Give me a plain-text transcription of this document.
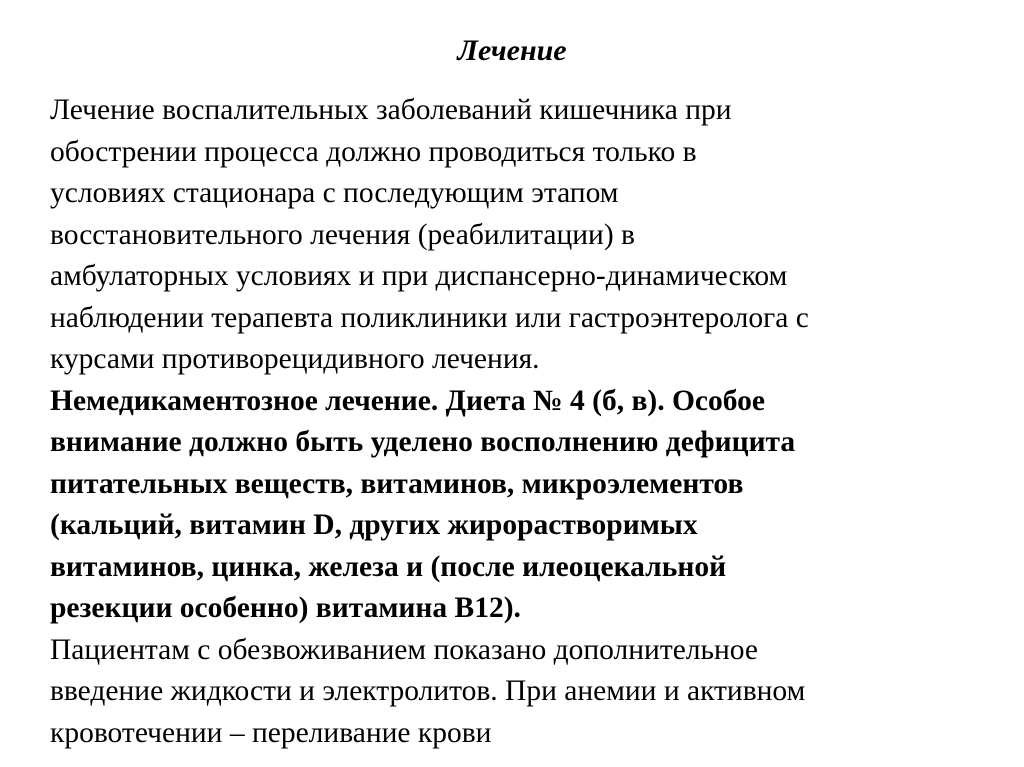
Лечение

Лечение воспалительных заболеваний кишечника при
обострении процесса должно проводиться только в
условиях стационара с последующим этапом
восстановительного лечения (реабилитации) в
амбулаторных условиях и при диспансерно-динамическом
наблюдении терапевта поликлиники или гастроэнтеролога с
курсами противорецидивного лечения.

Немедикаментозное лечение. Диета № 4 (б, в). Особое
внимание должно быть уделено восполнению дефицита
питательных веществ, витаминов, микроэлементов
(кальций, витамин D, других жирорастворимых
витаминов, цинка, железа и (после илеоцекальной
резекции особенно) витамина В12).

Пациентам с обезвоживанием показано дополнительное
введение жидкости и электролитов. При анемии и активном
кровотечении – переливание крови
